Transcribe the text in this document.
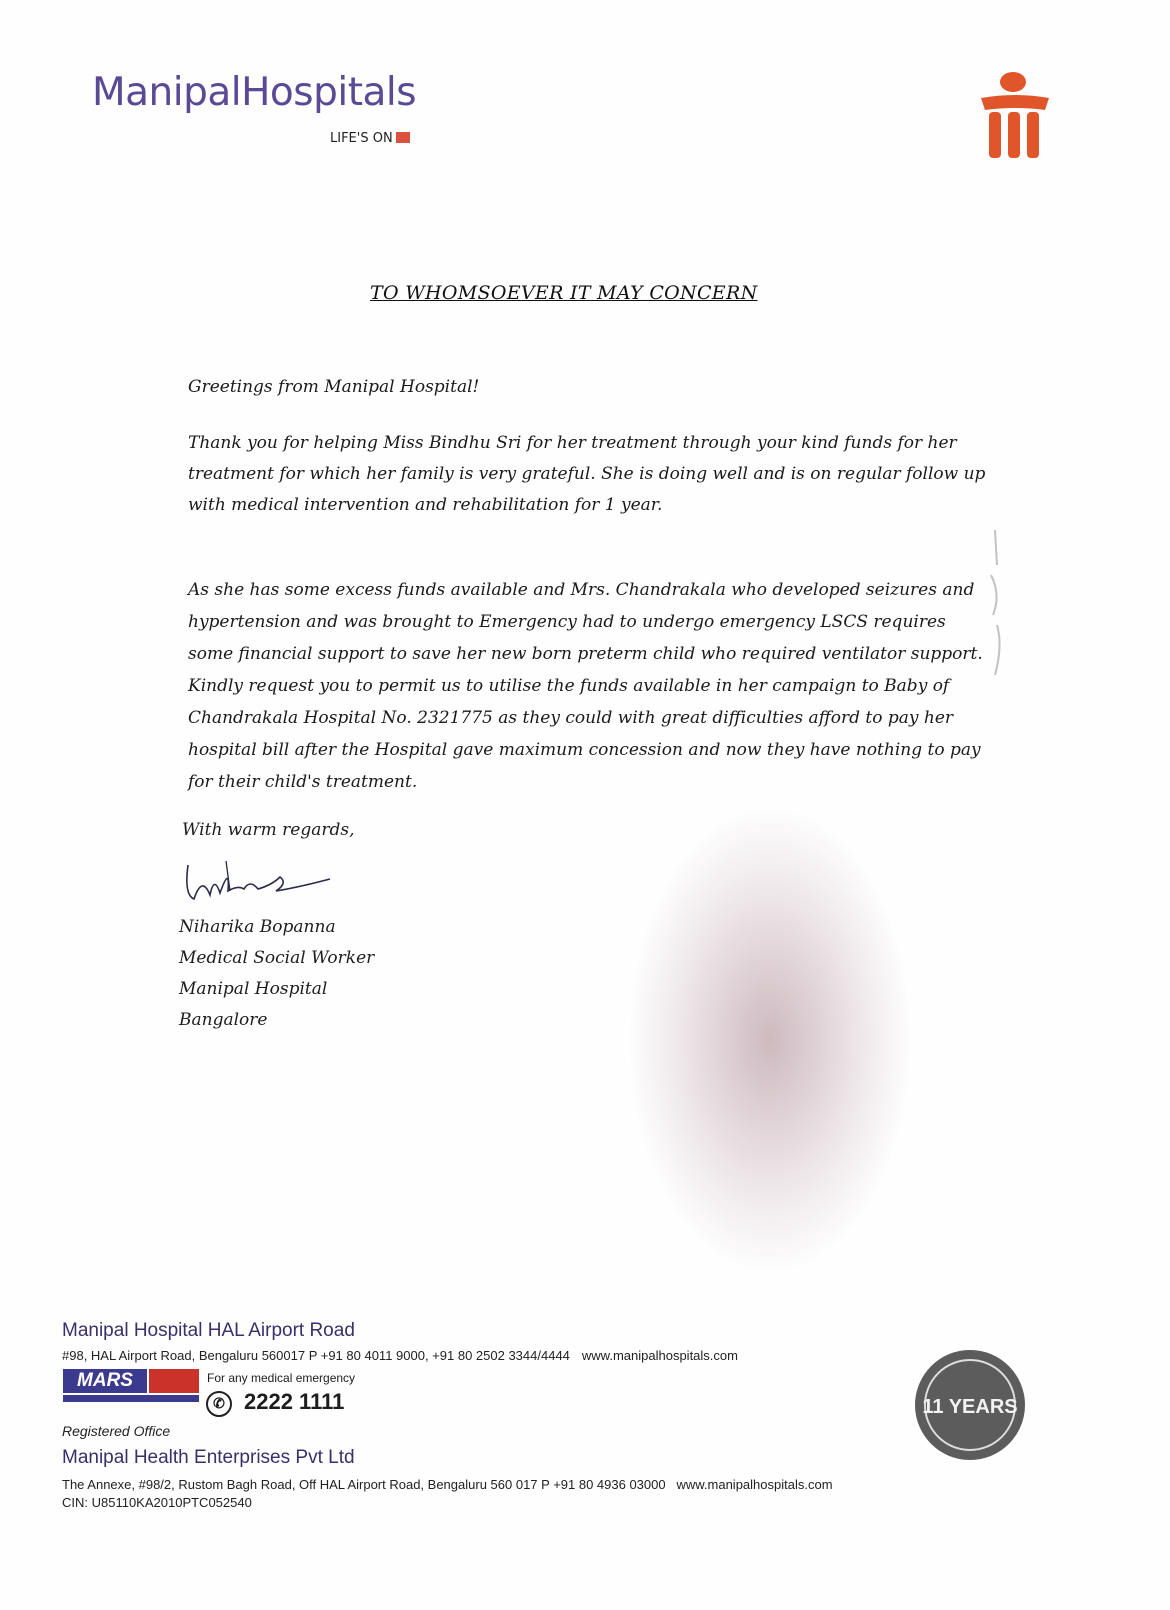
ManipalHospitals
LIFE'S ON
TO WHOMSOEVER IT MAY CONCERN
Greetings from Manipal Hospital!
Thank you for helping Miss Bindhu Sri for her treatment through your kind funds for her treatment for which her family is very grateful. She is doing well and is on regular follow up with medical intervention and rehabilitation for 1 year.
As she has some excess funds available and Mrs. Chandrakala who developed seizures and hypertension and was brought to Emergency had to undergo emergency LSCS requires some financial support to save her new born preterm child who required ventilator support. Kindly request you to permit us to utilise the funds available in her campaign to Baby of Chandrakala Hospital No. 2321775 as they could with great difficulties afford to pay her hospital bill after the Hospital gave maximum concession and now they have nothing to pay for their child's treatment.
With warm regards,
Niharika Bopanna
Medical Social Worker
Manipal Hospital
Bangalore
Manipal Hospital HAL Airport Road
#98, HAL Airport Road, Bengaluru 560017 P +91 80 4011 9000, +91 80 2502 3344/4444 www.manipalhospitals.com
MARS	For any medical emergency
✆ 2222 1111
Registered Office
Manipal Health Enterprises Pvt Ltd
The Annexe, #98/2, Rustom Bagh Road, Off HAL Airport Road, Bengaluru 560 017 P +91 80 4936 03000 www.manipalhospitals.com
CIN: U85110KA2010PTC052540
11 YEARS
